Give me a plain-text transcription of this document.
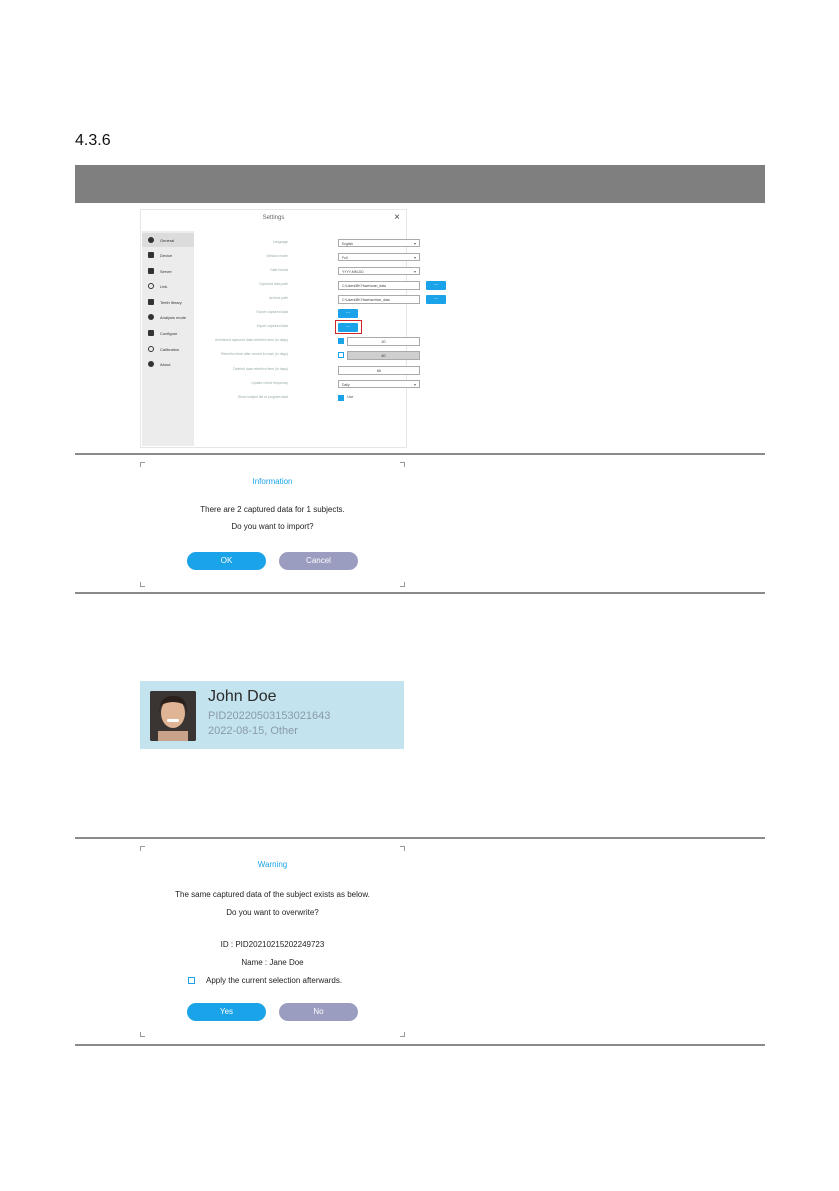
4.3.6
Settings	×
General
Device
Server
Link
Teeth library
Analysis mode
Configure
Calibration
About
Language	English	▾
Window mode	Full	▾
Date format	YYYY-MM-DD	▾
Captured data path	C:\Users\BKYface\scan_data	...
Archive path	C:\Users\BKYface\archive_data	...
Export captured data	...
Import captured data	...
Unfinished captured data retention time (in days)	20
Retention time after moved to trash (in days)	60
Deleted data retention time (in days)	60
Update check frequency	Daily	▾
Show subject list at program start	Use
Information
There are 2 captured data for 1 subjects.
Do you want to import?
OK	Cancel
John Doe
PID20220503153021643
2022-08-15, Other
Warning
The same captured data of the subject exists as below.
Do you want to overwrite?
ID : PID20210215202249723
Name : Jane Doe
Apply the current selection afterwards.
Yes	No
